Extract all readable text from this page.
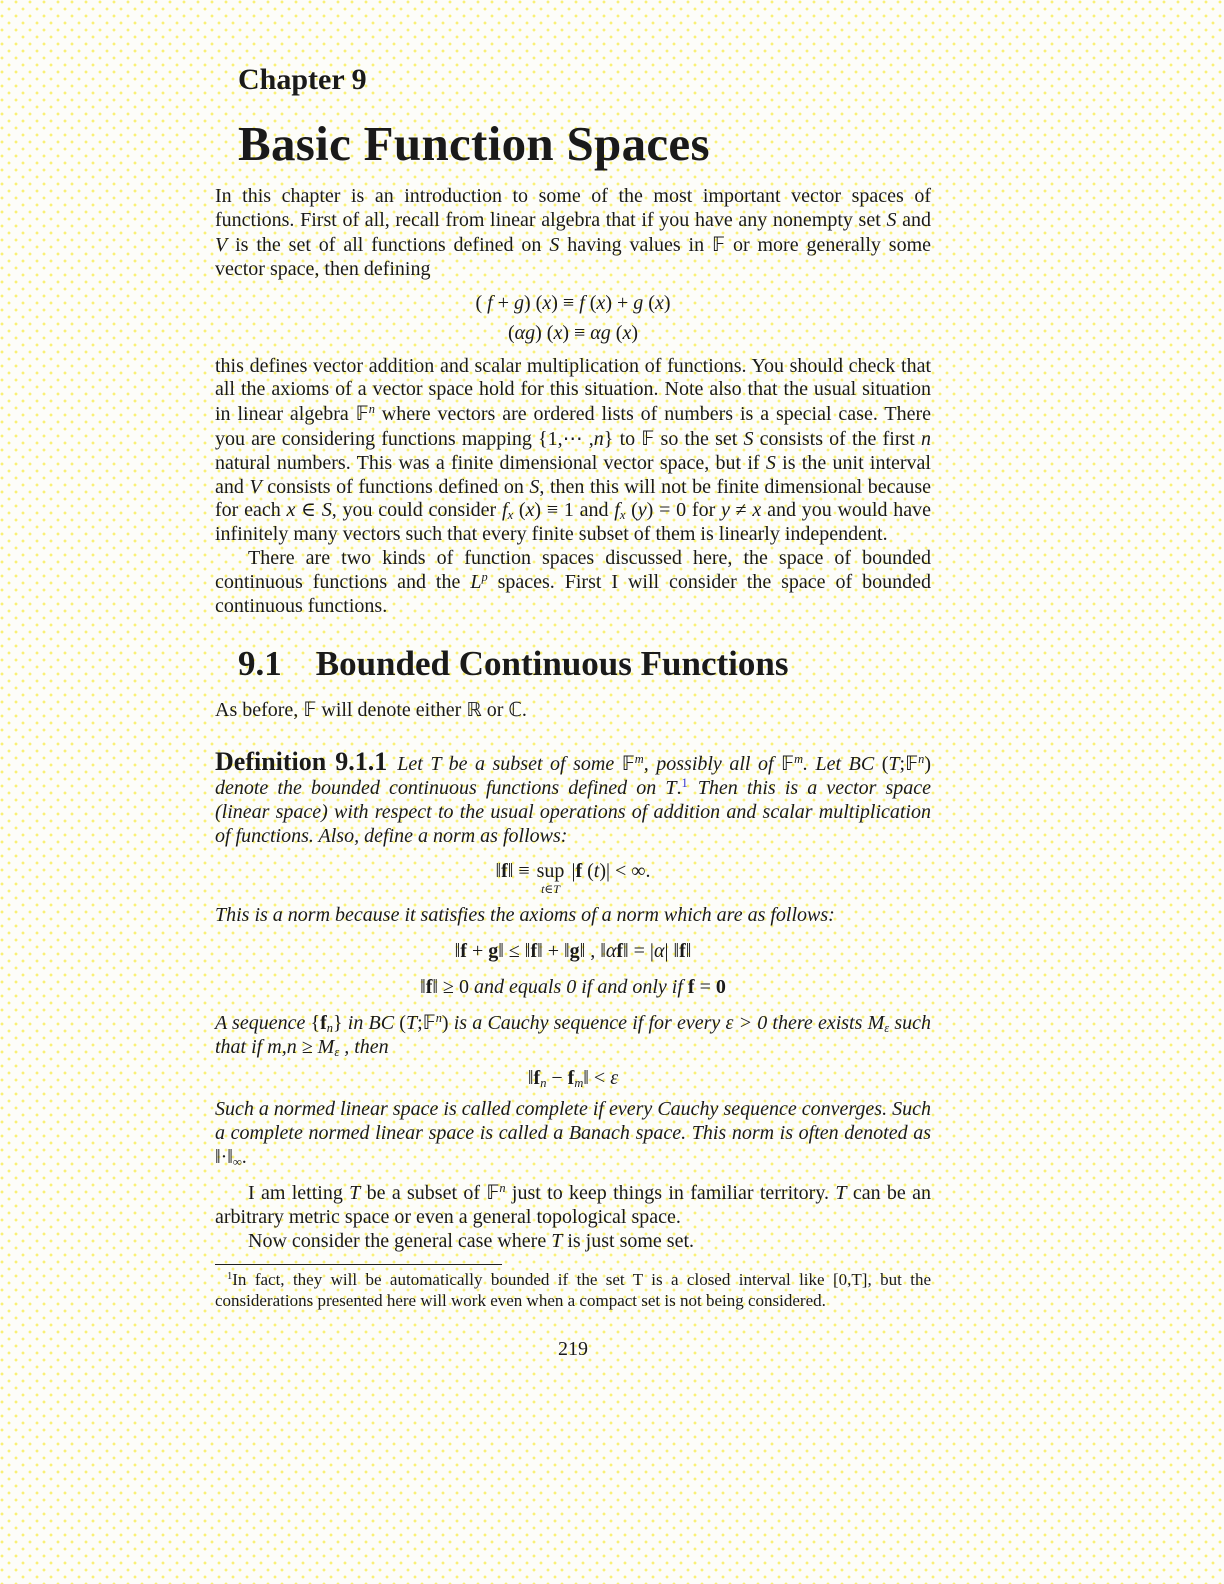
Chapter 9
Basic Function Spaces

In this chapter is an introduction to some of the most important vector spaces of functions. First of all, recall from linear algebra that if you have any nonempty set S and V is the set of all functions defined on S having values in 𝔽 or more generally some vector space, then defining

( f + g) (x) ≡ f (x) + g (x)
(αg) (x) ≡ αg (x)

this defines vector addition and scalar multiplication of functions. You should check that all the axioms of a vector space hold for this situation. Note also that the usual situation in linear algebra 𝔽$^n$ where vectors are ordered lists of numbers is a special case. There you are considering functions mapping {1,⋯ ,n} to 𝔽 so the set S consists of the first n natural numbers. This was a finite dimensional vector space, but if S is the unit interval and V consists of functions defined on S, then this will not be finite dimensional because for each x ∈ S, you could consider fx (x) ≡ 1 and fx (y) = 0 for y ≠ x and you would have infinitely many vectors such that every finite subset of them is linearly independent.

There are two kinds of function spaces discussed here, the space of bounded continuous functions and the $L^p$ spaces. First I will consider the space of bounded continuous functions.

9.1 Bounded Continuous Functions

As before, 𝔽 will denote either ℝ or ℂ.

Definition 9.1.1 Let T be a subset of some 𝔽$^m$, possibly all of 𝔽$^m$. Let BC (T;𝔽$^n$) denote the bounded continuous functions defined on T.$^1$ Then this is a vector space (linear space) with respect to the usual operations of addition and scalar multiplication of functions. Also, define a norm as follows:

‖f‖ ≡ sup
t∈T
|f (t)| < ∞.

This is a norm because it satisfies the axioms of a norm which are as follows:

‖f + g‖ ≤ ‖f‖ + ‖g‖ , ‖αf‖ = |α| ‖f‖
‖f‖ ≥ 0 and equals 0 if and only if f = 0

A sequence {fn} in BC (T;𝔽$^n$) is a Cauchy sequence if for every ε > 0 there exists Mε such that if m,n ≥ Mε , then

‖fn − fm‖ < ε

Such a normed linear space is called complete if every Cauchy sequence converges. Such a complete normed linear space is called a Banach space. This norm is often denoted as ‖·‖∞.

I am letting T be a subset of 𝔽$^n$ just to keep things in familiar territory. T can be an arbitrary metric space or even a general topological space.

Now consider the general case where T is just some set.

$^1$In fact, they will be automatically bounded if the set T is a closed interval like [0,T], but the considerations presented here will work even when a compact set is not being considered.
219
